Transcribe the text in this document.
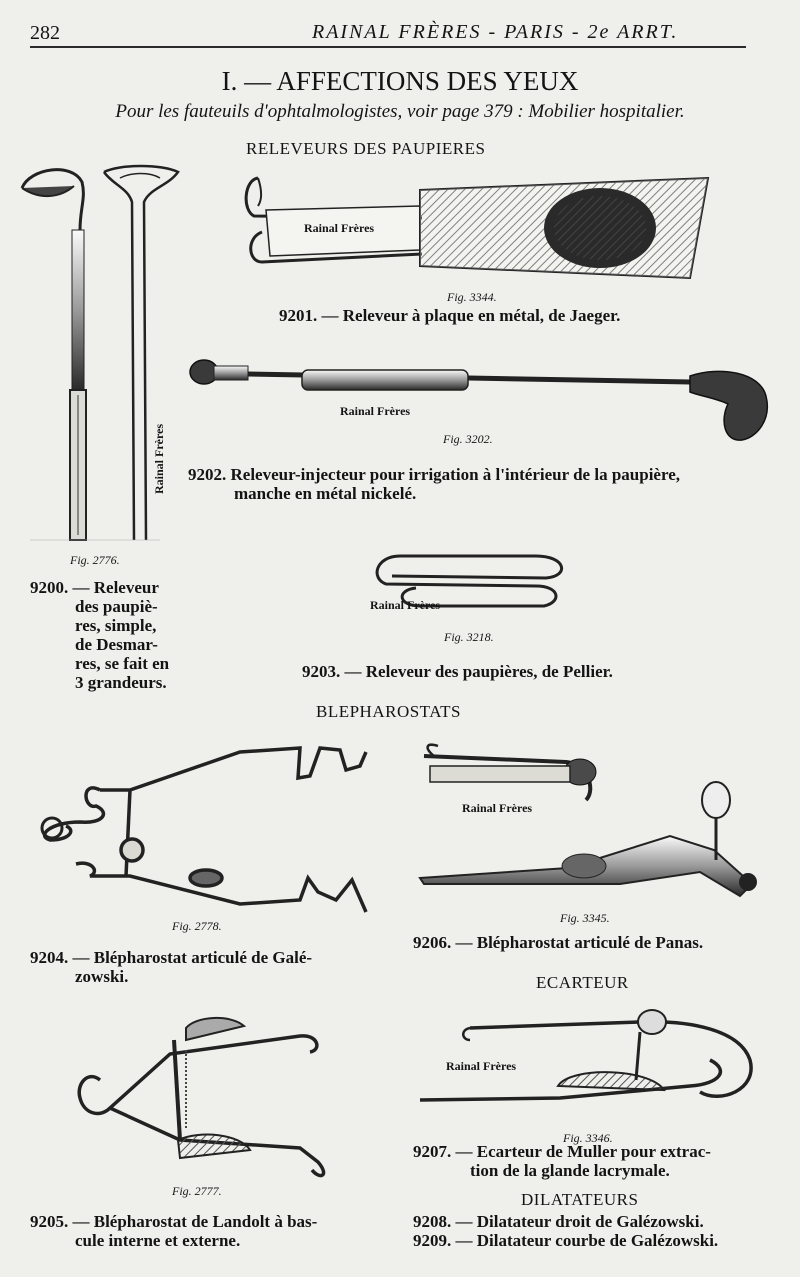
282	RAINAL FRÈRES - PARIS - 2e ARRT.
I. — AFFECTIONS DES YEUX
Pour les fauteuils d'ophtalmologistes, voir page 379 : Mobilier hospitalier.
RELEVEURS DES PAUPIERES
Rainal Frères
Rainal Frères
Rainal Frères
Rainal Frères
Rainal Frères
Rainal Frères
Fig. 3344.
Fig. 3202.
Fig. 2776.
Fig. 3218.
Fig. 2778.
Fig. 3345.
Fig. 2777.
Fig. 3346.
9201. — Releveur à plaque en métal, de Jaeger.
9202. Releveur-injecteur pour irrigation à l'intérieur de la paupière,
manche en métal nickelé.
9200. — Releveur
des paupiè-
res, simple,
de Desmar-
res, se fait en
3 grandeurs.
9203. — Releveur des paupières, de Pellier.
BLEPHAROSTATS
9204. — Blépharostat articulé de Galé-
zowski.
9206. — Blépharostat articulé de Panas.
ECARTEUR
9207. — Ecarteur de Muller pour extrac-
tion de la glande lacrymale.
DILATATEURS
9205. — Blépharostat de Landolt à bas-
cule interne et externe.
9208. — Dilatateur droit de Galézowski.
9209. — Dilatateur courbe de Galézowski.
